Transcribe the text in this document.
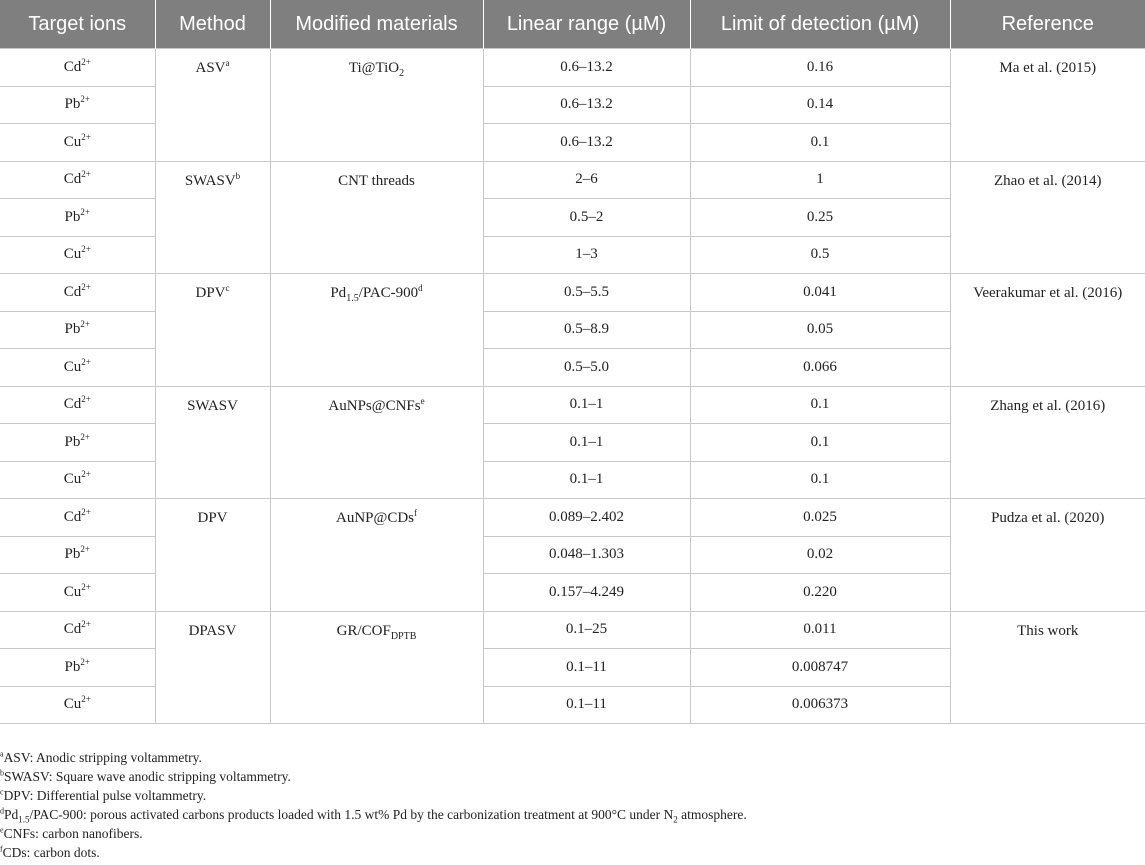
Target ions	Method	Modified materials	Linear range (µM)	Limit of detection (µM)	Reference
$Cd^{2+}$	ASV$^a$	Ti@TiO$_2$	0.6–13.2	0.16	Ma et al. (2015)
$Pb^{2+}$			0.6–13.2	0.14	
$Cu^{2+}$			0.6–13.2	0.1	
$Cd^{2+}$	SWASV$^b$	CNT threads	2–6	1	Zhao et al. (2014)
$Pb^{2+}$			0.5–2	0.25	
$Cu^{2+}$			1–3	0.5	
$Cd^{2+}$	DPV$^c$	$Pd_{1.5}/PAC-900^d$	0.5–5.5	0.041	Veerakumar et al. (2016)
$Pb^{2+}$			0.5–8.9	0.05	
$Cu^{2+}$			0.5–5.0	0.066	
$Cd^{2+}$	SWASV	AuNPs@CNFs$^e$	0.1–1	0.1	Zhang et al. (2016)
$Pb^{2+}$			0.1–1	0.1	
$Cu^{2+}$			0.1–1	0.1	
$Cd^{2+}$	DPV	AuNP@CDs$^f$	0.089–2.402	0.025	Pudza et al. (2020)
$Pb^{2+}$			0.048–1.303	0.02	
$Cu^{2+}$			0.157–4.249	0.220	
$Cd^{2+}$	DPASV	$GR/COF_{DPTB}$	0.1–25	0.011	This work
$Pb^{2+}$			0.1–11	0.008747	
$Cu^{2+}$			0.1–11	0.006373	
$^a$ASV: Anodic stripping voltammetry.
$^b$SWASV: Square wave anodic stripping voltammetry.
$^c$DPV: Differential pulse voltammetry.
$^dPd_{1.5}/PAC-900$: porous activated carbons products loaded with 1.5 wt% Pd by the carbonization treatment at 900°C under $N_2$ atmosphere.
$^e$CNFs: carbon nanofibers.
$^f$CDs: carbon dots.
